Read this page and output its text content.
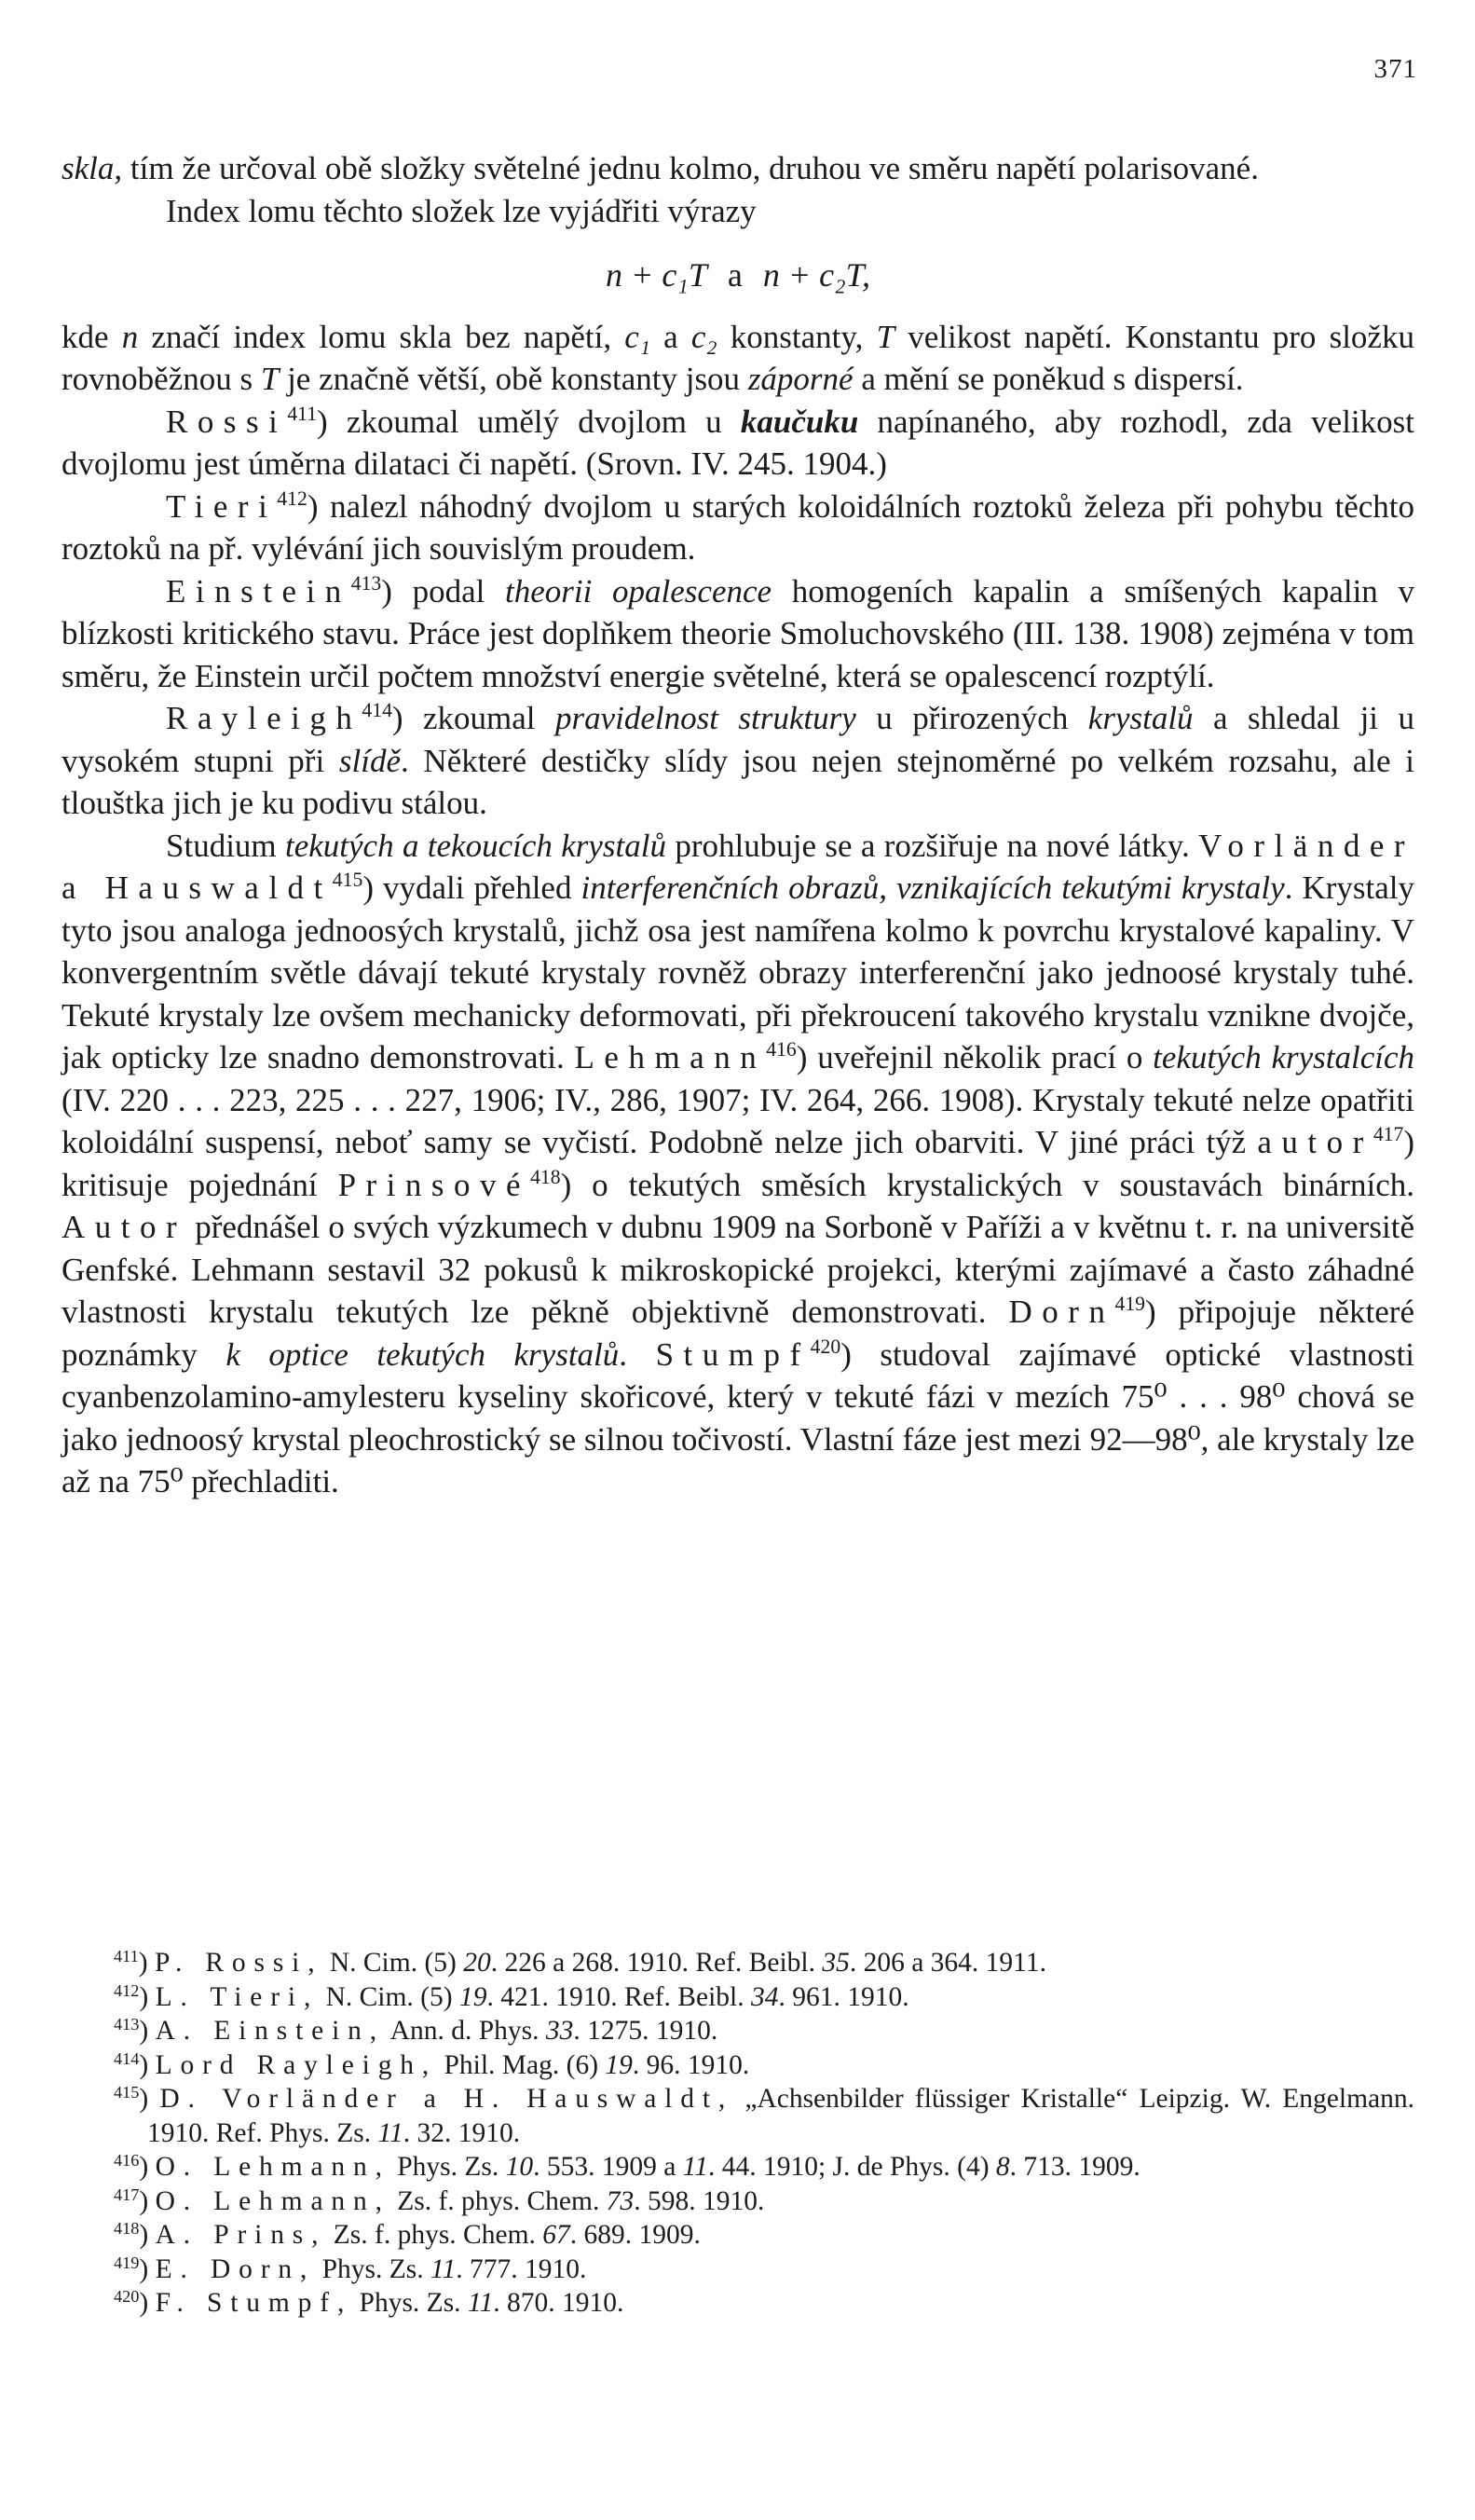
371

skla, tím že určoval obě složky světelné jednu kolmo, druhou ve směru napětí polarisované.

Index lomu těchto složek lze vyjádřiti výrazy

n + c₁T a n + c₂T,

kde n značí index lomu skla bez napětí, c₁ a c₂ konstanty, T velikost napětí. Konstantu pro složku rovnoběžnou s T je značně větší, obě konstanty jsou záporné a mění se poněkud s dispersí.

Rossi$^{411}$) zkoumal umělý dvojlom u kaučuku napínaného, aby rozhodl, zda velikost dvojlomu jest úměrna dilataci či napětí. (Srovn. IV. 245. 1904.)

Tieri$^{412}$) nalezl náhodný dvojlom u starých koloidálních roztoků železa při pohybu těchto roztoků na př. vylévání jich souvislým proudem.

Einstein$^{413}$) podal theorii opalescence homogeních kapalin a smíšených kapalin v blízkosti kritického stavu. Práce jest doplňkem theorie Smoluchovského (III. 138. 1908) zejména v tom směru, že Einstein určil počtem množství energie světelné, která se opalescencí rozptýlí.

Rayleigh$^{414}$) zkoumal pravidelnost struktury u přirozených krystalů a shledal ji u vysokém stupni při slídě. Některé destičky slídy jsou nejen stejnoměrné po velkém rozsahu, ale i tlouštka jich je ku podivu stálou.

Studium tekutých a tekoucích krystalů prohlubuje se a rozšiřuje na nové látky. Vorländer a Hauswaldt$^{415}$) vydali přehled interferenčních obrazů, vznikajících tekutými krystaly. Krystaly tyto jsou analoga jednoosých krystalů, jichž osa jest namířena kolmo k povrchu krystalové kapaliny. V konvergentním světle dávají tekuté krystaly rovněž obrazy interferenční jako jednoosé krystaly tuhé. Tekuté krystaly lze ovšem mechanicky deformovati, při překroucení takového krystalu vznikne dvojče, jak opticky lze snadno demonstrovati. Lehmann$^{416}$) uveřejnil několik prací o tekutých krystalcích (IV. 220 . . . 223, 225 . . . 227, 1906; IV., 286, 1907; IV. 264, 266. 1908). Krystaly tekuté nelze opatřiti koloidální suspensí, neboť samy se vyčistí. Podobně nelze jich obarviti. V jiné práci týž autor$^{417}$) kritisuje pojednání Prinsové$^{418}$) o tekutých směsích krystalických v soustavách binárních. Autor přednášel o svých výzkumech v dubnu 1909 na Sorboně v Paříži a v květnu t. r. na universitě Genfské. Lehmann sestavil 32 pokusů k mikroskopické projekci, kterými zajímavé a často záhadné vlastnosti krystalu tekutých lze pěkně objektivně demonstrovati. Dorn$^{419}$) připojuje některé poznámky k optice tekutých krystalů. Stumpf$^{420}$) studoval zajímavé optické vlastnosti cyanbenzolamino-amylesteru kyseliny skořicové, který v tekuté fázi v mezích 75⁰ . . . 98⁰ chová se jako jednoosý krystal pleochrostický se silnou točivostí. Vlastní fáze jest mezi 92—98⁰, ale krystaly lze až na 75⁰ přechladiti.

$^{411}$) P. Rossi, N. Cim. (5) 20. 226 a 268. 1910. Ref. Beibl. 35. 206 a 364. 1911.
$^{412}$) L. Tieri, N. Cim. (5) 19. 421. 1910. Ref. Beibl. 34. 961. 1910.
$^{413}$) A. Einstein, Ann. d. Phys. 33. 1275. 1910.
$^{414}$) Lord Rayleigh, Phil. Mag. (6) 19. 96. 1910.
$^{415}$) D. Vorländer a H. Hauswaldt, „Achsenbilder flüssiger Kristalle“ Leipzig. W. Engelmann. 1910. Ref. Phys. Zs. 11. 32. 1910.
$^{416}$) O. Lehmann, Phys. Zs. 10. 553. 1909 a 11. 44. 1910; J. de Phys. (4) 8. 713. 1909.
$^{417}$) O. Lehmann, Zs. f. phys. Chem. 73. 598. 1910.
$^{418}$) A. Prins, Zs. f. phys. Chem. 67. 689. 1909.
$^{419}$) E. Dorn, Phys. Zs. 11. 777. 1910.
$^{420}$) F. Stumpf, Phys. Zs. 11. 870. 1910.
